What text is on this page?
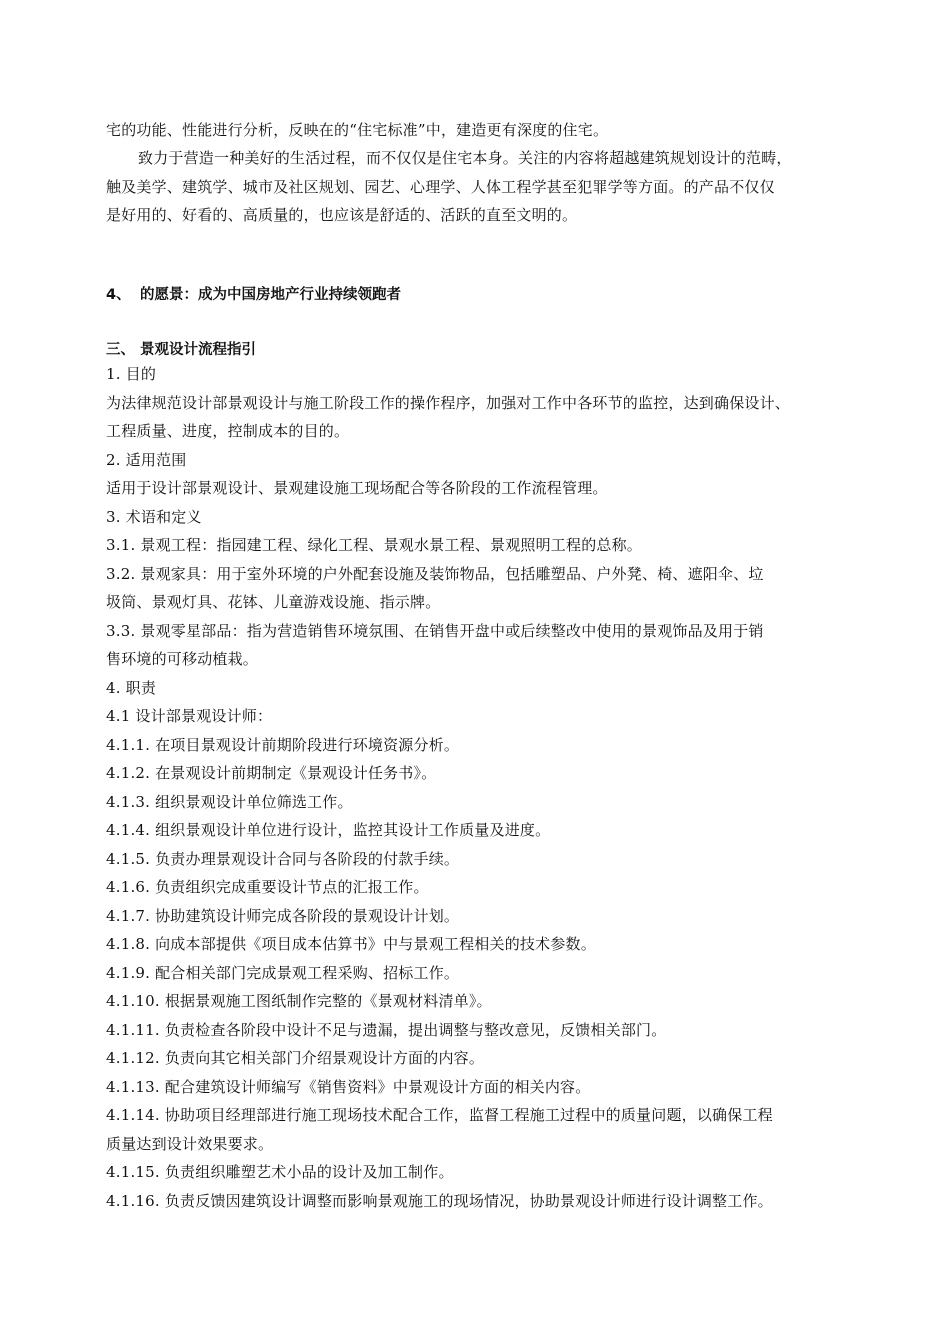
宅的功能、性能进行分析，反映在的“住宅标准”中，建造更有深度的住宅。
致力于营造一种美好的生活过程，而不仅仅是住宅本身。关注的内容将超越建筑规划设计的范畴，
触及美学、建筑学、城市及社区规划、园艺、心理学、人体工程学甚至犯罪学等方面。的产品不仅仅
是好用的、好看的、高质量的，也应该是舒适的、活跃的直至文明的。
4、 的愿景：成为中国房地产行业持续领跑者
三、 景观设计流程指引
1. 目的
为法律规范设计部景观设计与施工阶段工作的操作程序，加强对工作中各环节的监控，达到确保设计、
工程质量、进度，控制成本的目的。
2. 适用范围
适用于设计部景观设计、景观建设施工现场配合等各阶段的工作流程管理。
3. 术语和定义
3.1. 景观工程：指园建工程、绿化工程、景观水景工程、景观照明工程的总称。
3.2. 景观家具：用于室外环境的户外配套设施及装饰物品，包括雕塑品、户外凳、椅、遮阳伞、垃
圾筒、景观灯具、花钵、儿童游戏设施、指示牌。
3.3. 景观零星部品：指为营造销售环境氛围、在销售开盘中或后续整改中使用的景观饰品及用于销
售环境的可移动植栽。
4. 职责
4.1 设计部景观设计师：
4.1.1. 在项目景观设计前期阶段进行环境资源分析。
4.1.2. 在景观设计前期制定《景观设计任务书》。
4.1.3. 组织景观设计单位筛选工作。
4.1.4. 组织景观设计单位进行设计，监控其设计工作质量及进度。
4.1.5. 负责办理景观设计合同与各阶段的付款手续。
4.1.6. 负责组织完成重要设计节点的汇报工作。
4.1.7. 协助建筑设计师完成各阶段的景观设计计划。
4.1.8. 向成本部提供《项目成本估算书》中与景观工程相关的技术参数。
4.1.9. 配合相关部门完成景观工程采购、招标工作。
4.1.10. 根据景观施工图纸制作完整的《景观材料清单》。
4.1.11. 负责检查各阶段中设计不足与遗漏，提出调整与整改意见，反馈相关部门。
4.1.12. 负责向其它相关部门介绍景观设计方面的内容。
4.1.13. 配合建筑设计师编写《销售资料》中景观设计方面的相关内容。
4.1.14. 协助项目经理部进行施工现场技术配合工作，监督工程施工过程中的质量问题，以确保工程
质量达到设计效果要求。
4.1.15. 负责组织雕塑艺术小品的设计及加工制作。
4.1.16. 负责反馈因建筑设计调整而影响景观施工的现场情况，协助景观设计师进行设计调整工作。
